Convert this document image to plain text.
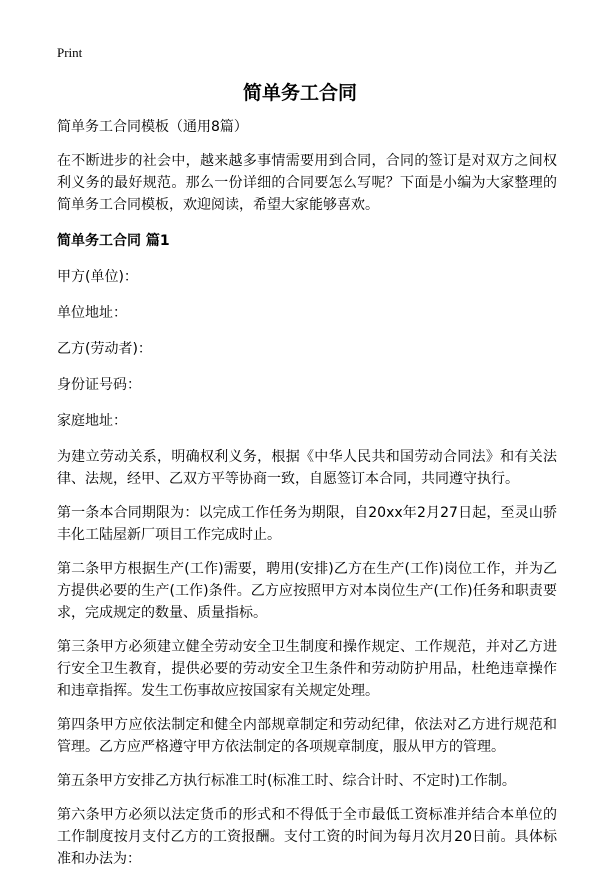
Print
简单务工合同

简单务工合同模板（通用8篇）

在不断进步的社会中，越来越多事情需要用到合同，合同的签订是对双方之间权利义务的最好规范。那么一份详细的合同要怎么写呢？下面是小编为大家整理的简单务工合同模板，欢迎阅读，希望大家能够喜欢。

简单务工合同 篇1

甲方(单位)：

单位地址：

乙方(劳动者)：

身份证号码：

家庭地址：

为建立劳动关系，明确权利义务，根据《中华人民共和国劳动合同法》和有关法律、法规，经甲、乙双方平等协商一致，自愿签订本合同，共同遵守执行。

第一条本合同期限为：以完成工作任务为期限，自20xx年2月27日起，至灵山骄丰化工陆屋新厂项目工作完成时止。

第二条甲方根据生产(工作)需要，聘用(安排)乙方在生产(工作)岗位工作，并为乙方提供必要的生产(工作)条件。乙方应按照甲方对本岗位生产(工作)任务和职责要求，完成规定的数量、质量指标。

第三条甲方必须建立健全劳动安全卫生制度和操作规定、工作规范，并对乙方进行安全卫生教育，提供必要的劳动安全卫生条件和劳动防护用品，杜绝违章操作和违章指挥。发生工伤事故应按国家有关规定处理。

第四条甲方应依法制定和健全内部规章制定和劳动纪律，依法对乙方进行规范和管理。乙方应严格遵守甲方依法制定的各项规章制度，服从甲方的管理。

第五条甲方安排乙方执行标准工时(标准工时、综合计时、不定时)工作制。

第六条甲方必须以法定货币的形式和不得低于全市最低工资标准并结合本单位的工作制度按月支付乙方的工资报酬。支付工资的时间为每月次月20日前。具体标准和办法为：
